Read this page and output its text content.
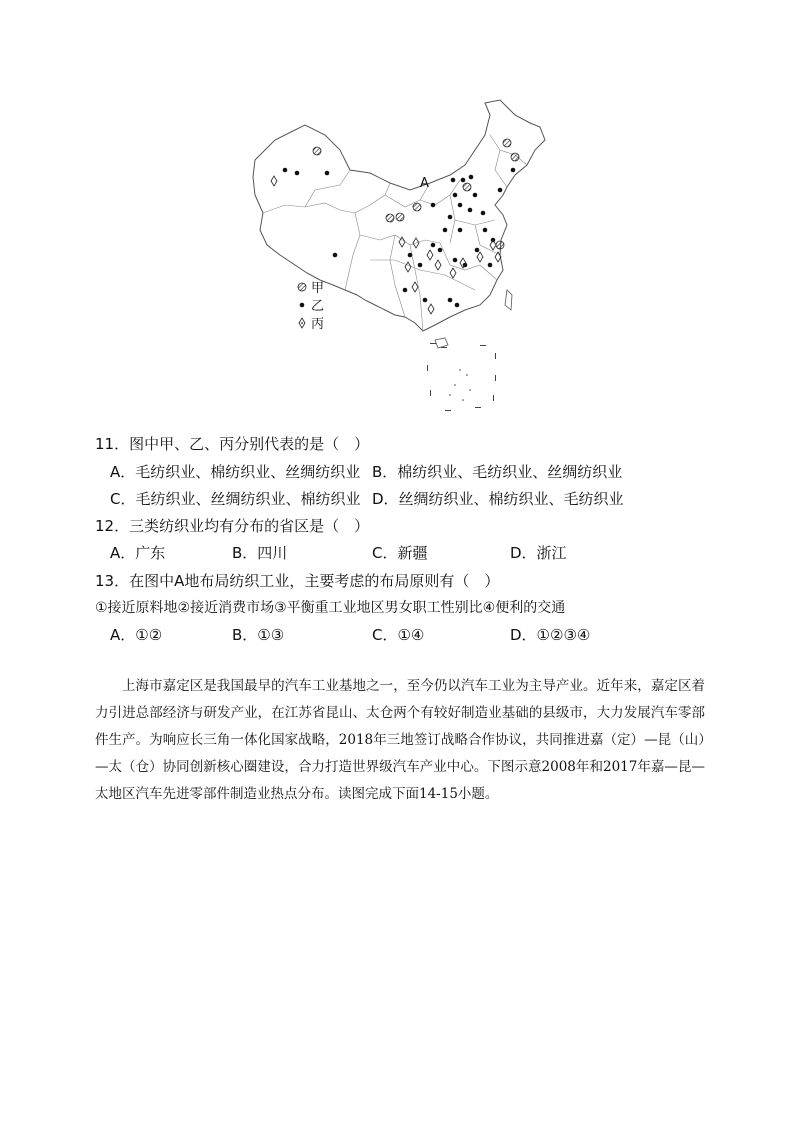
A
甲
乙
丙
11．图中甲、乙、丙分别代表的是（　）
A．毛纺织业、棉纺织业、丝绸纺织业 B．棉纺织业、毛纺织业、丝绸纺织业
C．毛纺织业、丝绸纺织业、棉纺织业 D．丝绸纺织业、棉纺织业、毛纺织业
12．三类纺织业均有分布的省区是（　）
A．广东	B．四川	C．新疆	D．浙江
13．在图中A地布局纺织工业，主要考虑的布局原则有（　）
①接近原料地②接近消费市场③平衡重工业地区男女职工性别比④便利的交通
A．①②	B．①③	C．①④	D．①②③④

上海市嘉定区是我国最早的汽车工业基地之一，至今仍以汽车工业为主导产业。近年来，嘉定区着力引进总部经济与研发产业，在江苏省昆山、太仓两个有较好制造业基础的县级市，大力发展汽车零部件生产。为响应长三角一体化国家战略，2018年三地签订战略合作协议，共同推进嘉（定）—昆（山）—太（仓）协同创新核心圈建设，合力打造世界级汽车产业中心。下图示意2008年和2017年嘉—昆—太地区汽车先进零部件制造业热点分布。读图完成下面14-15小题。
